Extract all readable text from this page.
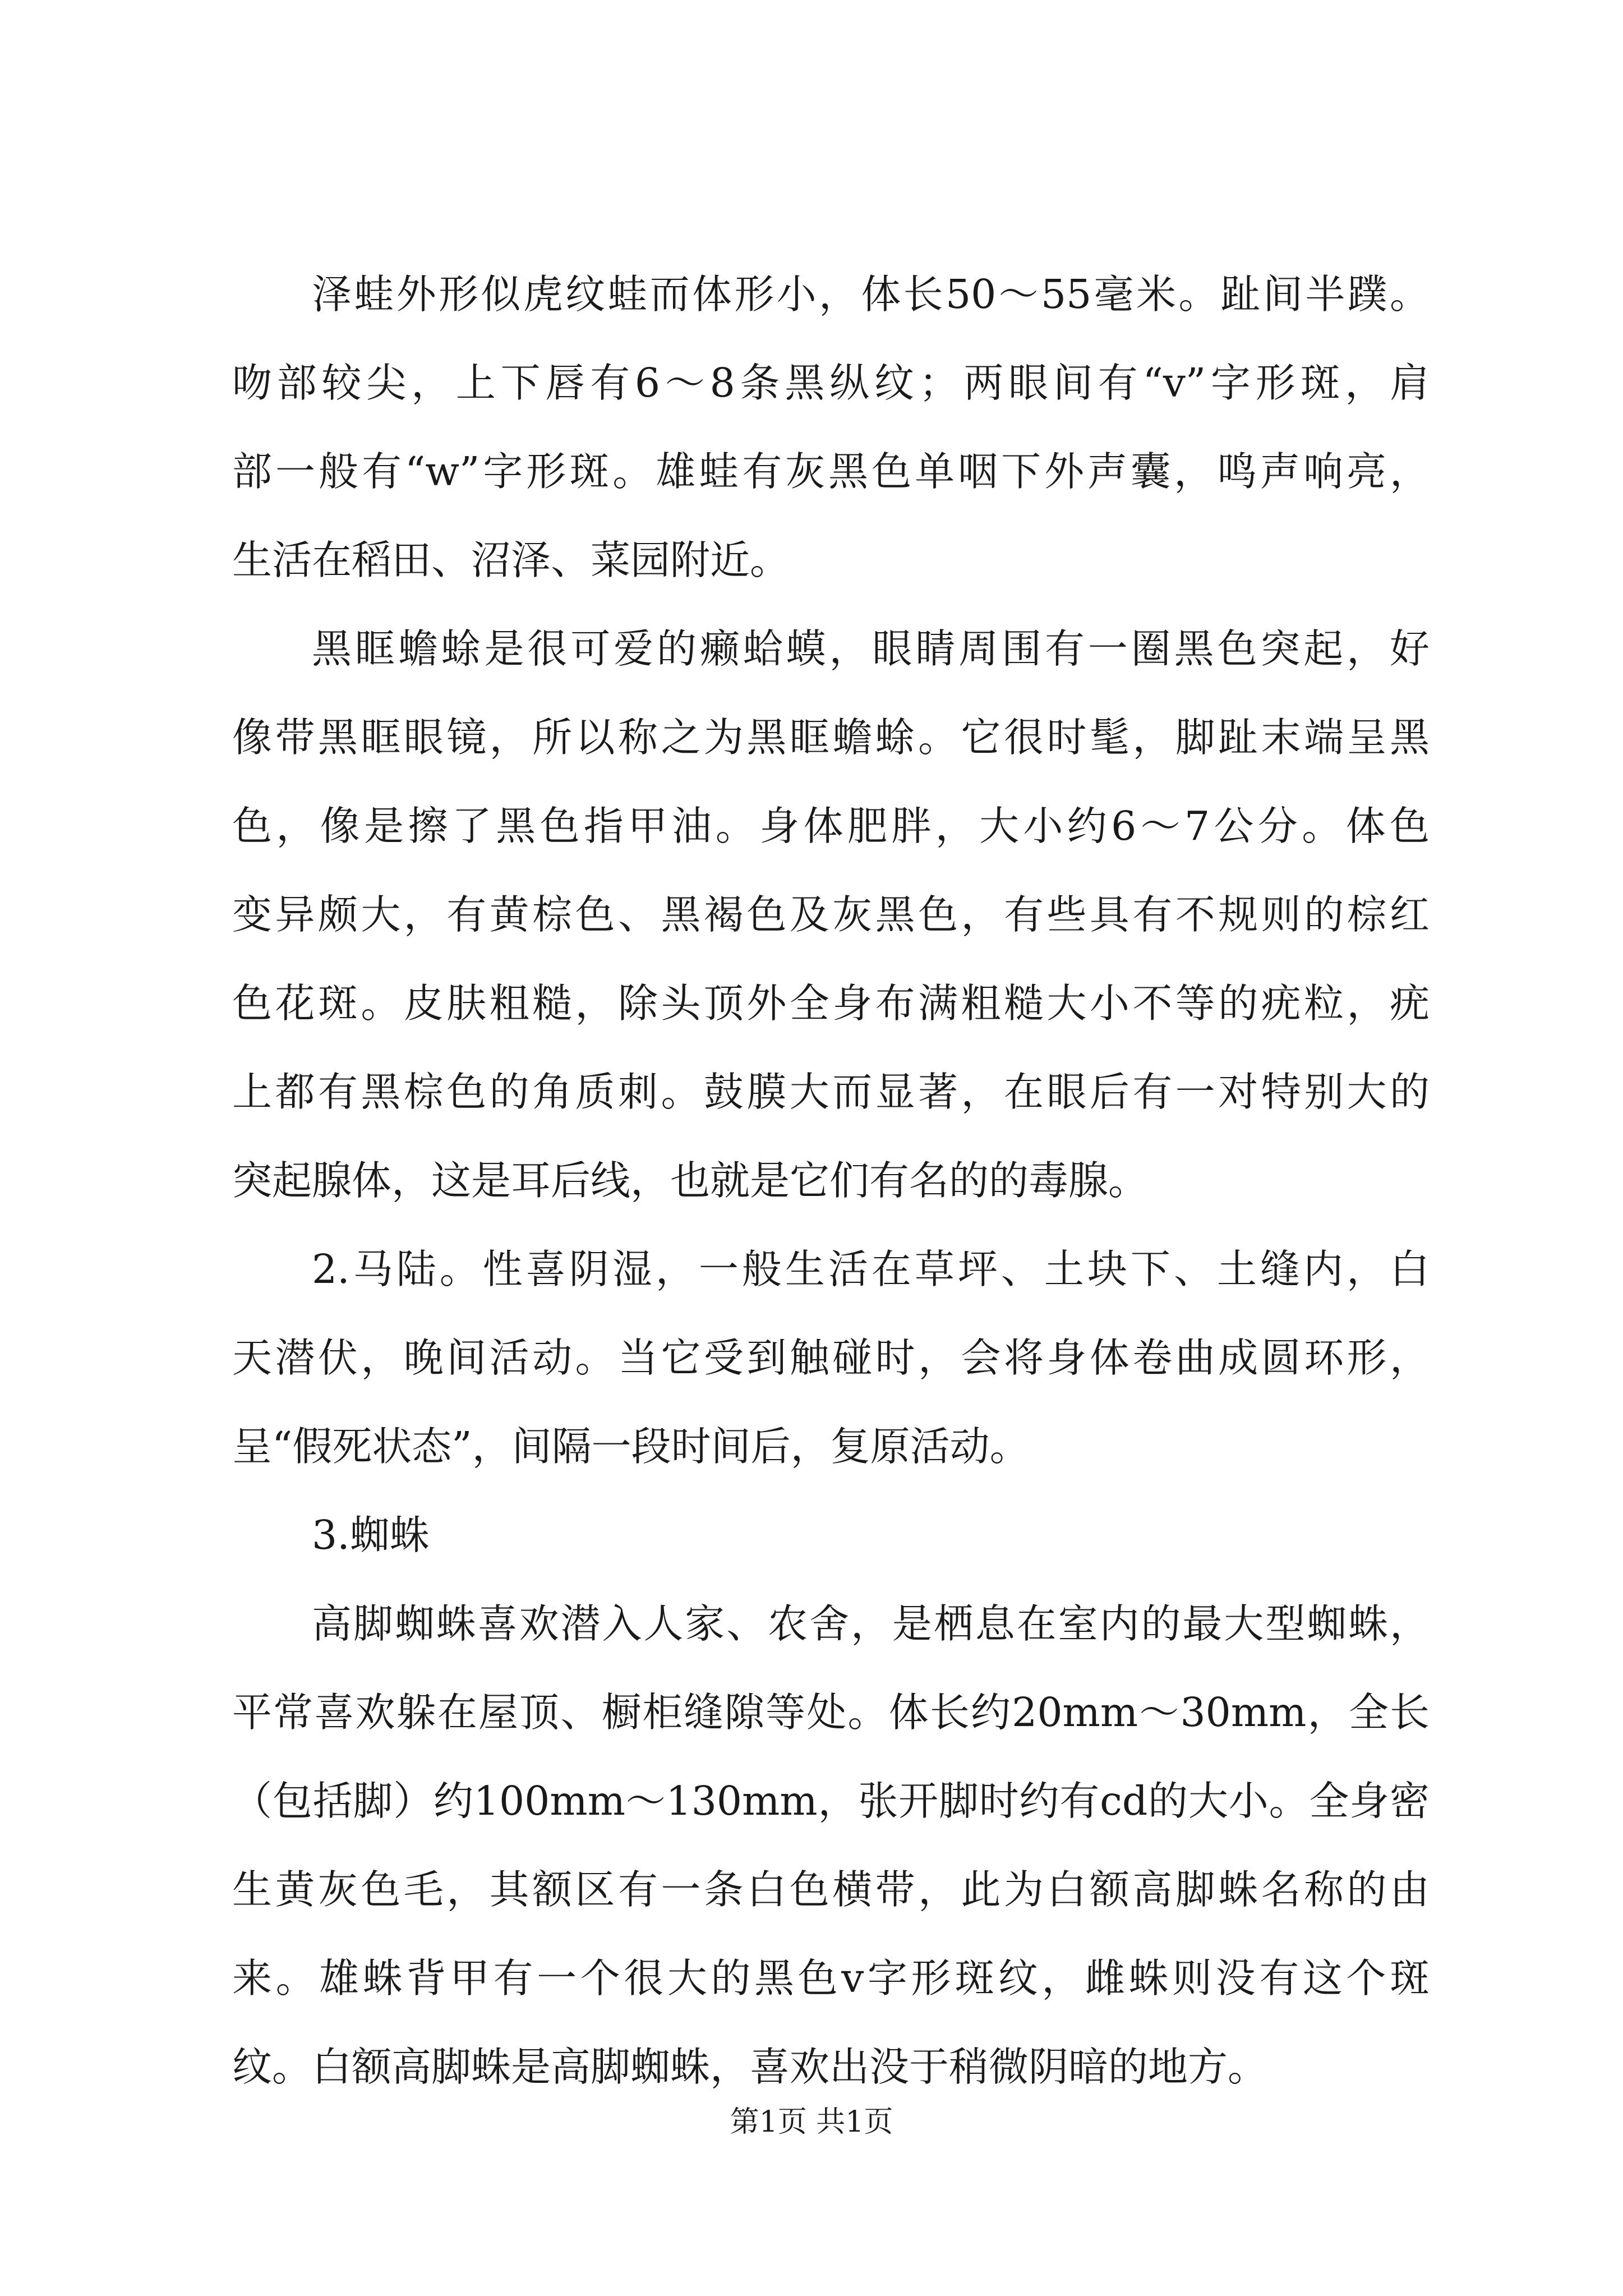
泽蛙外形似虎纹蛙而体形小，体长50～55毫米。趾间半蹼。
吻部较尖，上下唇有6～8条黑纵纹；两眼间有“v”字形斑，肩
部一般有“w”字形斑。雄蛙有灰黑色单咽下外声囊，鸣声响亮，
生活在稻田、沼泽、菜园附近。

黑眶蟾蜍是很可爱的癞蛤蟆，眼睛周围有一圈黑色突起，好
像带黑眶眼镜，所以称之为黑眶蟾蜍。它很时髦，脚趾末端呈黑
色，像是擦了黑色指甲油。身体肥胖，大小约6～7公分。体色
变异颇大，有黄棕色、黑褐色及灰黑色，有些具有不规则的棕红
色花斑。皮肤粗糙，除头顶外全身布满粗糙大小不等的疣粒，疣
上都有黑棕色的角质刺。鼓膜大而显著，在眼后有一对特别大的
突起腺体，这是耳后线，也就是它们有名的的毒腺。

2.马陆。性喜阴湿，一般生活在草坪、土块下、土缝内，白
天潜伏，晚间活动。当它受到触碰时，会将身体卷曲成圆环形，
呈“假死状态”，间隔一段时间后，复原活动。

3.蜘蛛

高脚蜘蛛喜欢潜入人家、农舍，是栖息在室内的最大型蜘蛛，
平常喜欢躲在屋顶、橱柜缝隙等处。体长约20mm～30mm，全长
（包括脚）约100mm～130mm，张开脚时约有cd的大小。全身密
生黄灰色毛，其额区有一条白色横带，此为白额高脚蛛名称的由
来。雄蛛背甲有一个很大的黑色v字形斑纹，雌蛛则没有这个斑
纹。白额高脚蛛是高脚蜘蛛，喜欢出没于稍微阴暗的地方。

第1页 共1页
